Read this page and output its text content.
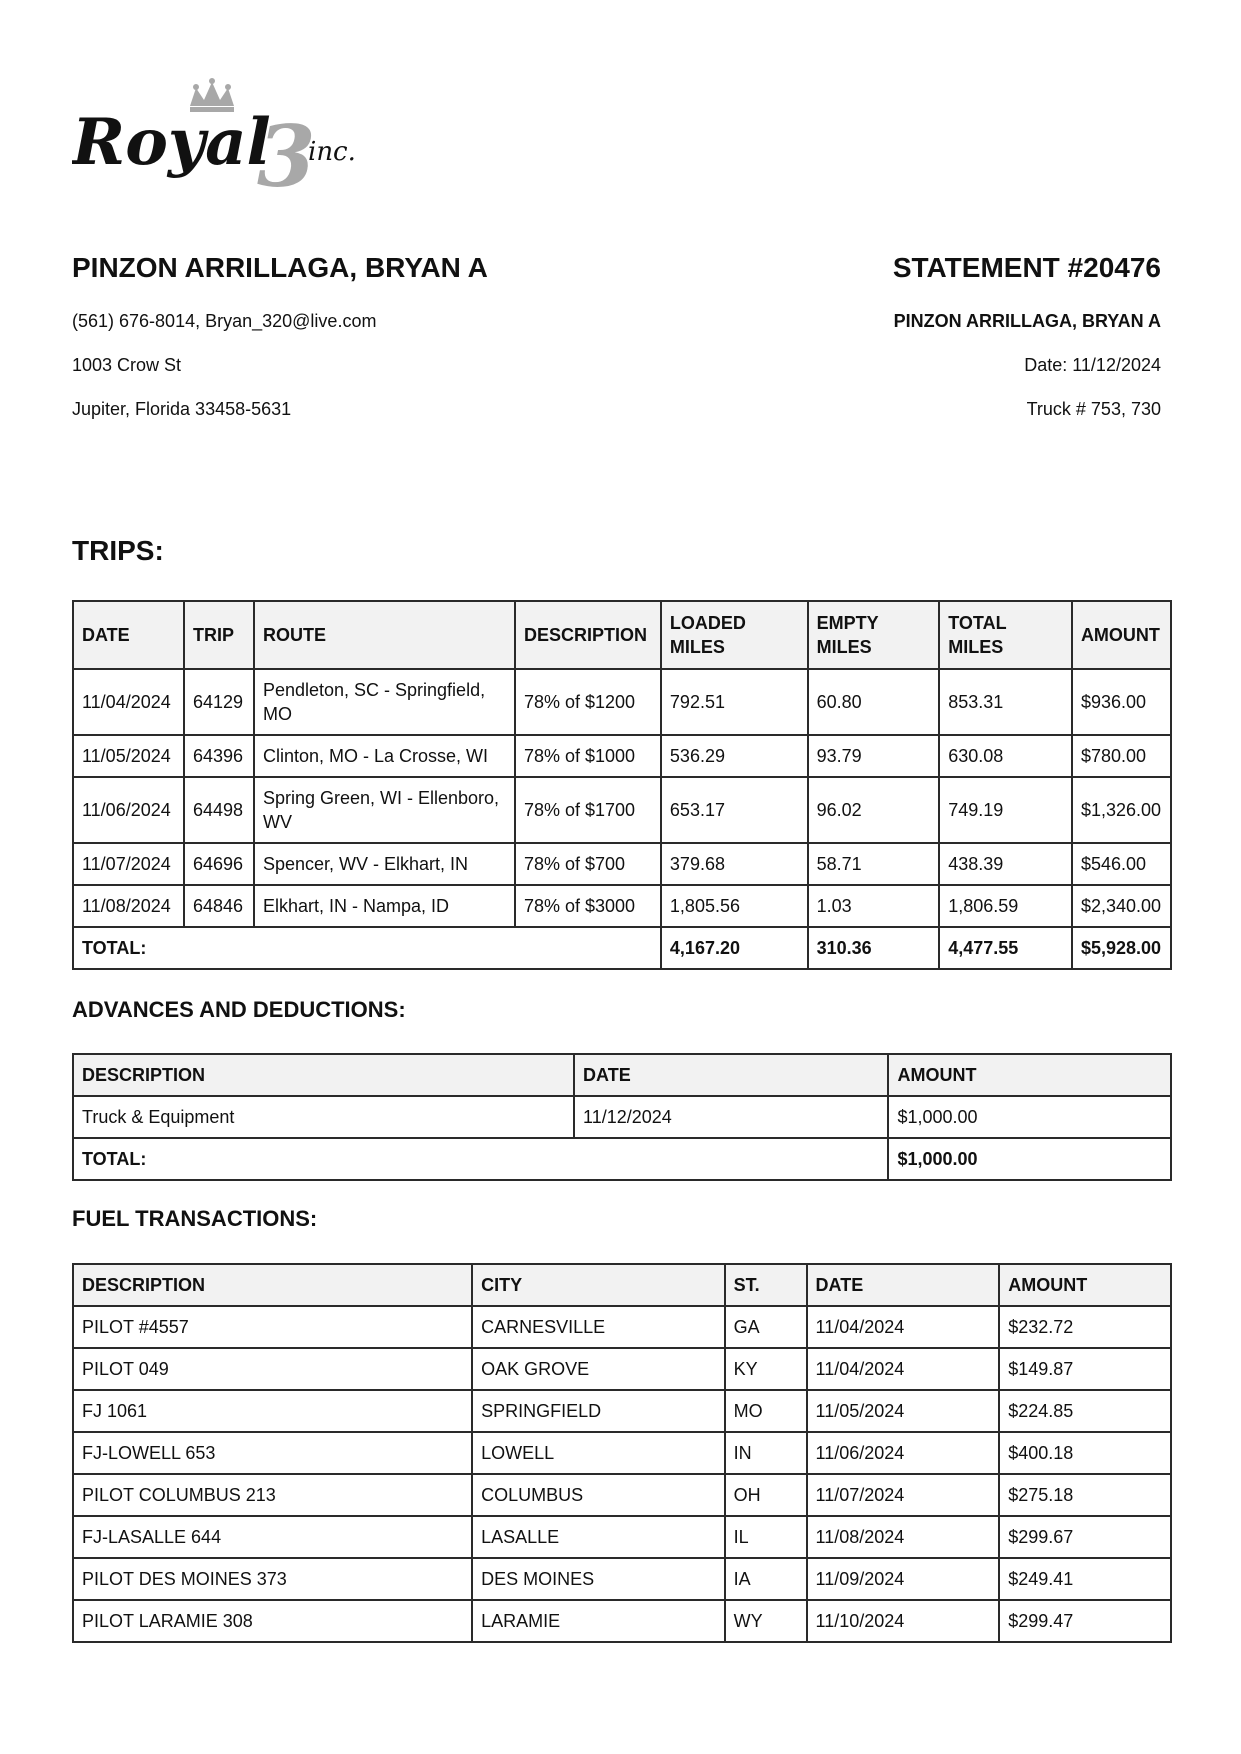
Royal
3
inc.

PINZON ARRILLAGA, BRYAN A

(561) 676-8014, Bryan_320@live.com

1003 Crow St

Jupiter, Florida 33458-5631

STATEMENT #20476

PINZON ARRILLAGA, BRYAN A

Date: 11/12/2024

Truck # 753, 730

TRIPS:

DATE	TRIP	ROUTE	DESCRIPTION	LOADED MILES	EMPTY MILES	TOTAL MILES	AMOUNT
11/04/2024	64129	Pendleton, SC - Springfield, MO	78% of $1200	792.51	60.80	853.31	$936.00
11/05/2024	64396	Clinton, MO - La Crosse, WI	78% of $1000	536.29	93.79	630.08	$780.00
11/06/2024	64498	Spring Green, WI - Ellenboro, WV	78% of $1700	653.17	96.02	749.19	$1,326.00
11/07/2024	64696	Spencer, WV - Elkhart, IN	78% of $700	379.68	58.71	438.39	$546.00
11/08/2024	64846	Elkhart, IN - Nampa, ID	78% of $3000	1,805.56	1.03	1,806.59	$2,340.00
TOTAL:				4,167.20	310.36	4,477.55	$5,928.00

ADVANCES AND DEDUCTIONS:

DESCRIPTION	DATE	AMOUNT
Truck & Equipment	11/12/2024	$1,000.00
TOTAL:		$1,000.00

FUEL TRANSACTIONS:

DESCRIPTION	CITY	ST.	DATE	AMOUNT
PILOT #4557	CARNESVILLE	GA	11/04/2024	$232.72
PILOT 049	OAK GROVE	KY	11/04/2024	$149.87
FJ 1061	SPRINGFIELD	MO	11/05/2024	$224.85
FJ-LOWELL 653	LOWELL	IN	11/06/2024	$400.18
PILOT COLUMBUS 213	COLUMBUS	OH	11/07/2024	$275.18
FJ-LASALLE 644	LASALLE	IL	11/08/2024	$299.67
PILOT DES MOINES 373	DES MOINES	IA	11/09/2024	$249.41
PILOT LARAMIE 308	LARAMIE	WY	11/10/2024	$299.47
